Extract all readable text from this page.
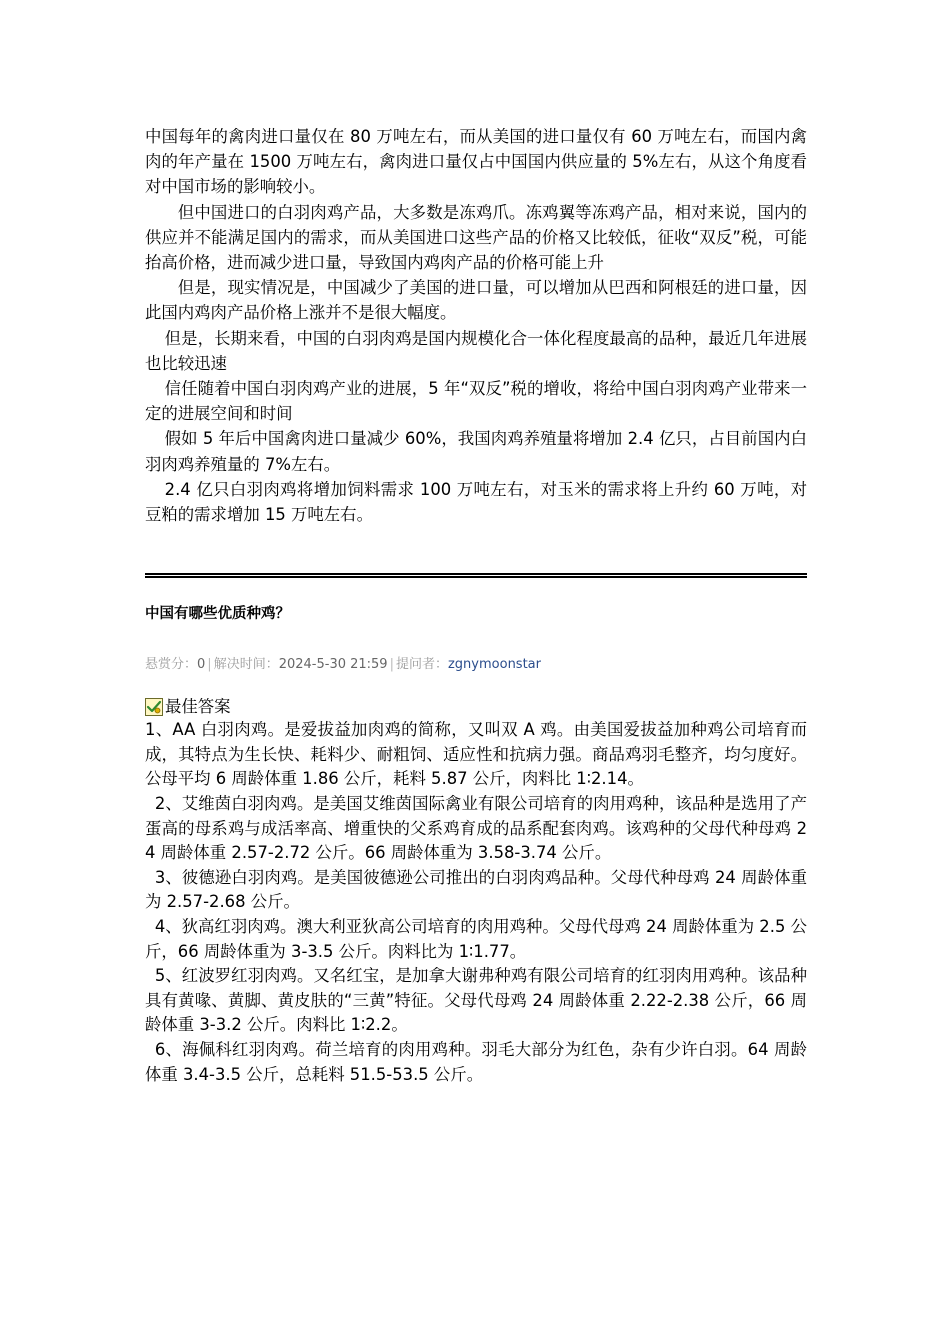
中国每年的禽肉进口量仅在 80 万吨左右，而从美国的进口量仅有 60 万吨左右，而国内禽肉的年产量在 1500 万吨左右，禽肉进口量仅占中国国内供应量的 5%左右，从这个角度看对中国市场的影响较小。

但中国进口的白羽肉鸡产品，大多数是冻鸡爪。冻鸡翼等冻鸡产品，相对来说，国内的供应并不能满足国内的需求，而从美国进口这些产品的价格又比较低，征收“双反”税，可能抬高价格，进而减少进口量，导致国内鸡肉产品的价格可能上升

但是，现实情况是，中国减少了美国的进口量，可以增加从巴西和阿根廷的进口量，因此国内鸡肉产品价格上涨并不是很大幅度。

但是，长期来看，中国的白羽肉鸡是国内规模化合一体化程度最高的品种，最近几年进展也比较迅速

信任随着中国白羽肉鸡产业的进展，5 年“双反”税的增收，将给中国白羽肉鸡产业带来一定的进展空间和时间

假如 5 年后中国禽肉进口量减少 60%，我国肉鸡养殖量将增加 2.4 亿只，占目前国内白羽肉鸡养殖量的 7%左右。

2.4 亿只白羽肉鸡将增加饲料需求 100 万吨左右，对玉米的需求将上升约 60 万吨，对豆粕的需求增加 15 万吨左右。

中国有哪些优质种鸡？
悬赏分：0 | 解决时间：2024-5-30 21:59 | 提问者：zgnymoonstar
最佳答案

1、AA 白羽肉鸡。是爱拔益加肉鸡的简称，又叫双 A 鸡。由美国爱拔益加种鸡公司培育而成，其特点为生长快、耗料少、耐粗饲、适应性和抗病力强。商品鸡羽毛整齐，均匀度好。公母平均 6 周龄体重 1.86 公斤，耗料 5.87 公斤，肉料比 1∶2.14。

2、艾维茵白羽肉鸡。是美国艾维茵国际禽业有限公司培育的肉用鸡种，该品种是选用了产蛋高的母系鸡与成活率高、增重快的父系鸡育成的品系配套肉鸡。该鸡种的父母代种母鸡 24 周龄体重 2.57-2.72 公斤。66 周龄体重为 3.58-3.74 公斤。

3、彼德逊白羽肉鸡。是美国彼德逊公司推出的白羽肉鸡品种。父母代种母鸡 24 周龄体重为 2.57-2.68 公斤。

4、狄高红羽肉鸡。澳大利亚狄高公司培育的肉用鸡种。父母代母鸡 24 周龄体重为 2.5 公斤，66 周龄体重为 3-3.5 公斤。肉料比为 1∶1.77。

5、红波罗红羽肉鸡。又名红宝，是加拿大谢弗种鸡有限公司培育的红羽肉用鸡种。该品种具有黄喙、黄脚、黄皮肤的“三黄”特征。父母代母鸡 24 周龄体重 2.22-2.38 公斤，66 周龄体重 3-3.2 公斤。肉料比 1∶2.2。

6、海佩科红羽肉鸡。荷兰培育的肉用鸡种。羽毛大部分为红色，杂有少许白羽。64 周龄体重 3.4-3.5 公斤，总耗料 51.5-53.5 公斤。
